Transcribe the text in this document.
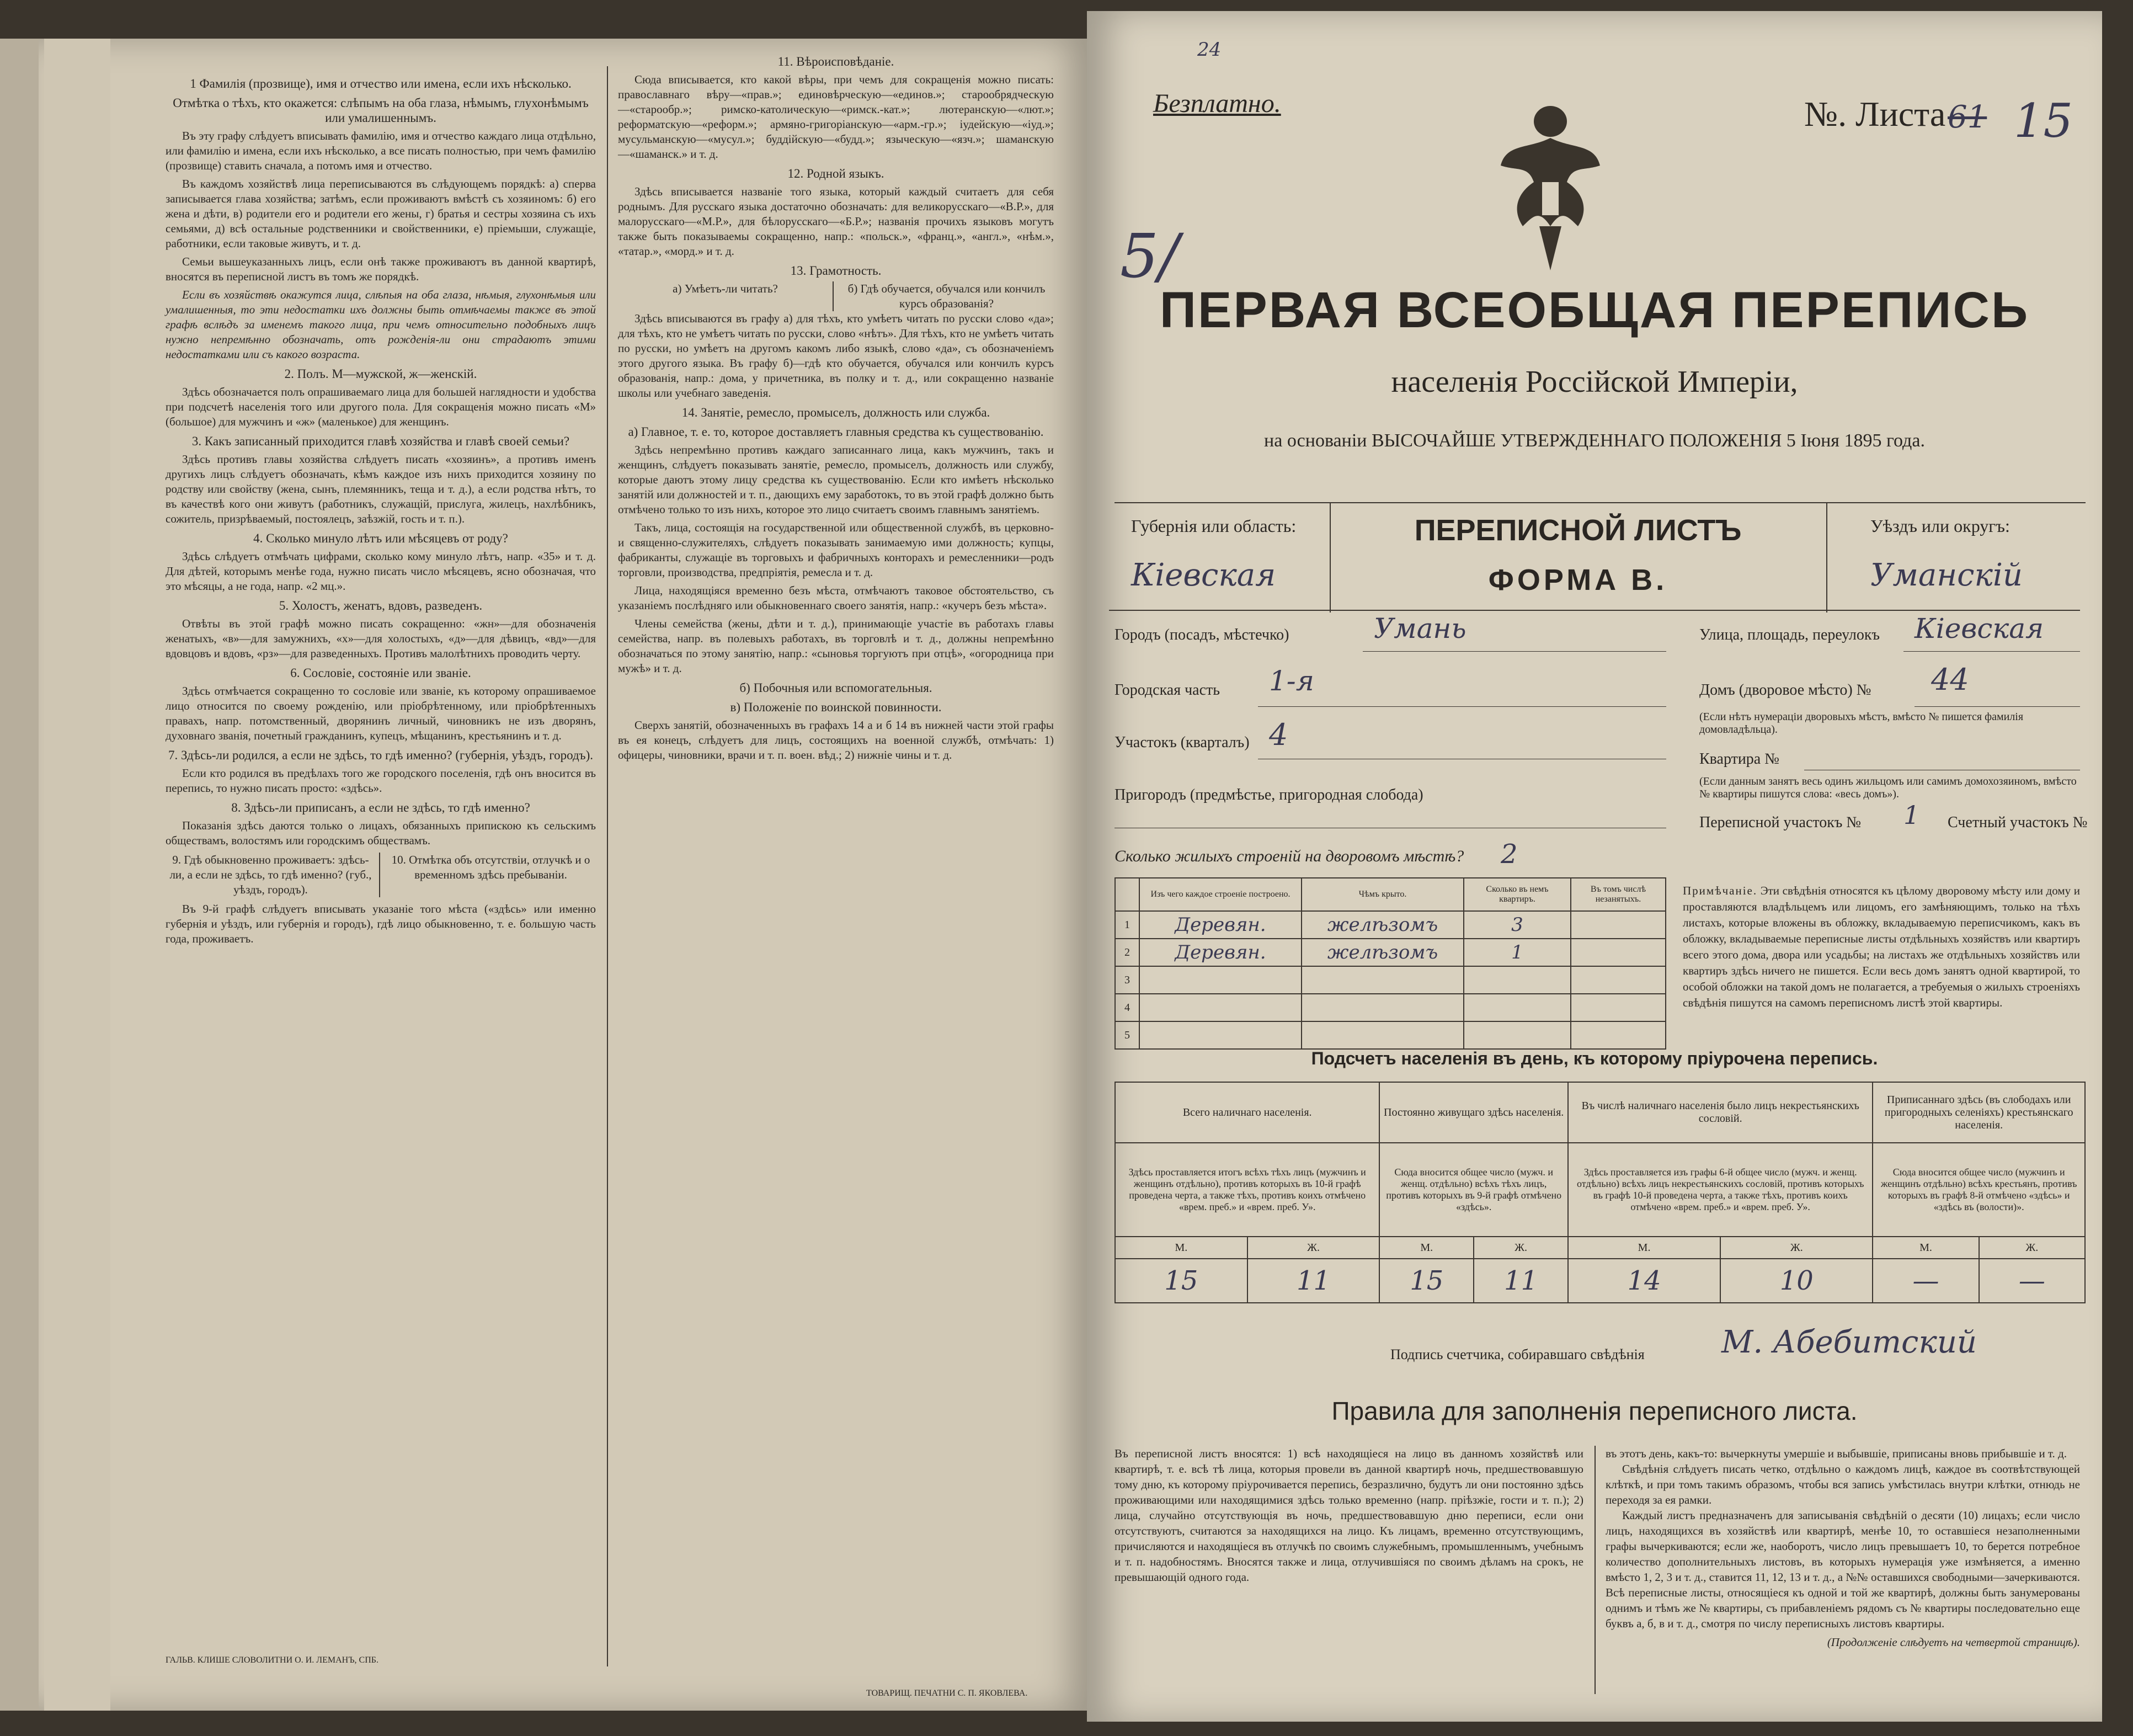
1 Фамилія (прозвище), имя и отчество или имена, если ихъ нѣсколько.
Отмѣтка о тѣхъ, кто окажется: слѣпымъ на оба глаза, нѣмымъ, глухонѣмымъ или умалишеннымъ.

Въ эту графу слѣдуетъ вписывать фамилію, имя и отчество каждаго лица отдѣльно, или фамилію и имена, если ихъ нѣсколько, а все писать полностью, при чемъ фамилію (прозвище) ставить сначала, а потомъ имя и отчество.

Въ каждомъ хозяйствѣ лица переписываются въ слѣдующемъ порядкѣ: а) сперва записывается глава хозяйства; затѣмъ, если проживаютъ вмѣстѣ съ хозяиномъ: б) его жена и дѣти, в) родители его и родители его жены, г) братья и сестры хозяина съ ихъ семьями, д) всѣ остальные родственники и свойственники, е) пріемыши, служащіе, работники, если таковые живутъ, и т. д.

Семьи вышеуказанныхъ лицъ, если онѣ также проживаютъ въ данной квартирѣ, вносятся въ переписной листъ въ томъ же порядкѣ.

Если въ хозяйствѣ окажутся лица, слѣпыя на оба глаза, нѣмыя, глухонѣмыя или умалишенныя, то эти недостатки ихъ должны быть отмѣчаемы также въ этой графѣ вслѣдъ за именемъ такого лица, при чемъ относительно подобныхъ лицъ нужно непремѣнно обозначать, отъ рожденія-ли они страдаютъ этими недостатками или съ какого возраста.

2. Полъ. М—мужской, ж—женскій.

Здѣсь обозначается полъ опрашиваемаго лица для большей наглядности и удобства при подсчетѣ населенія того или другого пола. Для сокращенія можно писать «М» (большое) для мужчинъ и «ж» (маленькое) для женщинъ.

3. Какъ записанный приходится главѣ хозяйства и главѣ своей семьи?

Здѣсь противъ главы хозяйства слѣдуетъ писать «хозяинъ», а противъ именъ другихъ лицъ слѣдуетъ обозначать, кѣмъ каждое изъ нихъ приходится хозяину по родству или свойству (жена, сынъ, племянникъ, теща и т. д.), а если родства нѣтъ, то въ качествѣ кого они живутъ (работникъ, служащій, прислуга, жилецъ, нахлѣбникъ, сожитель, призрѣваемый, постоялецъ, заѣзжій, гость и т. п.).

4. Сколько минуло лѣтъ или мѣсяцевъ от роду?

Здѣсь слѣдуетъ отмѣчать цифрами, сколько кому минуло лѣтъ, напр. «35» и т. д. Для дѣтей, которымъ менѣе года, нужно писать число мѣсяцевъ, ясно обозначая, что это мѣсяцы, а не года, напр. «2 мц.».

5. Холостъ, женатъ, вдовъ, разведенъ.

Отвѣты въ этой графѣ можно писать сокращенно: «жн»—для обозначенія женатыхъ, «в»—для замужнихъ, «х»—для холостыхъ, «д»—для дѣвицъ, «вд»—для вдовцовъ и вдовъ, «рз»—для разведенныхъ. Противъ малолѣтнихъ проводить черту.

6. Сословіе, состояніе или званіе.

Здѣсь отмѣчается сокращенно то сословіе или званіе, къ которому опрашиваемое лицо относится по своему рожденію, или пріобрѣтенному, или пріобрѣтенныхъ правахъ, напр. потомственный, дворянинъ личный, чиновникъ не изъ дворянъ, духовнаго званія, почетный гражданинъ, купецъ, мѣщанинъ, крестьянинъ и т. д.

7. Здѣсь-ли родился, а если не здѣсь, то гдѣ именно? (губернія, уѣздъ, городъ).

Если кто родился въ предѣлахъ того же городского поселенія, гдѣ онъ вносится въ перепись, то нужно писать просто: «здѣсь».

8. Здѣсь-ли приписанъ, а если не здѣсь, то гдѣ именно?

Показанія здѣсь даются только о лицахъ, обязанныхъ припискою къ сельскимъ обществамъ, волостямъ или городскимъ обществамъ.

9. Гдѣ обыкновенно проживаетъ: здѣсь-ли, а если не здѣсь, то гдѣ именно? (губ., уѣздъ, городъ).
10. Отмѣтка объ отсутствіи, отлучкѣ и о временномъ здѣсь пребываніи.

Въ 9-й графѣ слѣдуетъ вписывать указаніе того мѣста («здѣсь» или именно губернія и уѣздъ, или губернія и городъ), гдѣ лицо обыкновенно, т. е. большую часть года, проживаетъ.

ГАЛЬВ. КЛИШЕ СЛОВОЛИТНИ О. И. ЛЕМАНЪ, СПБ.
11. Вѣроисповѣданіе.

Сюда вписывается, кто какой вѣры, при чемъ для сокращенія можно писать: православнаго вѣру—«прав.»; единовѣрческую—«единов.»; старообрядческую—«старообр.»; римско-католическую—«римск.-кат.»; лютеранскую—«лют.»; реформатскую—«реформ.»; армяно-григоріанскую—«арм.-гр.»; іудейскую—«іуд.»; мусульманскую—«мусул.»; буддійскую—«будд.»; языческую—«язч.»; шаманскую—«шаманск.» и т. д.

12. Родной языкъ.

Здѣсь вписывается названіе того языка, который каждый считаетъ для себя роднымъ. Для русскаго языка достаточно обозначать: для великорусскаго—«В.Р.», для малорусскаго—«М.Р.», для бѣлорусскаго—«Б.Р.»; названія прочихъ языковъ могутъ также быть показываемы сокращенно, напр.: «польск.», «франц.», «англ.», «нѣм.», «татар.», «морд.» и т. д.

13. Грамотность.
а) Умѣетъ-ли читать?	б) Гдѣ обучается, обучался или кончилъ курсъ образованія?

Здѣсь вписываются въ графу а) для тѣхъ, кто умѣетъ читать по русски слово «да»; для тѣхъ, кто не умѣетъ читать по русски, слово «нѣтъ». Для тѣхъ, кто не умѣетъ читать по русски, но умѣетъ на другомъ какомъ либо языкѣ, слово «да», съ обозначеніемъ этого другого языка. Въ графу б)—гдѣ кто обучается, обучался или кончилъ курсъ образованія, напр.: дома, у причетника, въ полку и т. д., или сокращенно названіе школы или учебнаго заведенія.

14. Занятіе, ремесло, промыселъ, должность или служба.
а) Главное, т. е. то, которое доставляетъ главныя средства къ существованію.

Здѣсь непремѣнно противъ каждаго записаннаго лица, какъ мужчинъ, такъ и женщинъ, слѣдуетъ показывать занятіе, ремесло, промыселъ, должность или службу, которые даютъ этому лицу средства къ существованію. Если кто имѣетъ нѣсколько занятій или должностей и т. п., дающихъ ему заработокъ, то въ этой графѣ должно быть отмѣчено только то изъ нихъ, которое это лицо считаетъ своимъ главнымъ занятіемъ.

Такъ, лица, состоящія на государственной или общественной службѣ, въ церковно- и священно-служителяхъ, слѣдуетъ показывать занимаемую ими должность; купцы, фабриканты, служащіе въ торговыхъ и фабричныхъ конторахъ и ремесленники—родъ торговли, производства, предпріятія, ремесла и т. д.

Лица, находящіяся временно безъ мѣста, отмѣчаютъ таковое обстоятельство, съ указаніемъ послѣдняго или обыкновеннаго своего занятія, напр.: «кучеръ безъ мѣста».

Члены семейства (жены, дѣти и т. д.), принимающіе участіе въ работахъ главы семейства, напр. въ полевыхъ работахъ, въ торговлѣ и т. д., должны непремѣнно обозначаться по этому занятію, напр.: «сыновья торгуютъ при отцѣ», «огородница при мужѣ» и т. д.

б) Побочныя или вспомогательныя.
в) Положеніе по воинской повинности.

Сверхъ занятій, обозначенныхъ въ графахъ 14 а и б 14 въ нижней части этой графы въ ея конецъ, слѣдуетъ для лицъ, состоящихъ на военной службѣ, отмѣчать: 1) офицеры, чиновники, врачи и т. п. воен. вѣд.; 2) нижніе чины и т. д.

ТОВАРИЩ. ПЕЧАТНИ С. П. ЯКОВЛЕВА.
24
Безплатно.	№. Листа 61 15
5/
ПЕРВАЯ ВСЕОБЩАЯ ПЕРЕПИСЬ
населенія Россійской Имперіи,
на основаніи ВЫСОЧАЙШЕ УТВЕРЖДЕННАГО ПОЛОЖЕНІЯ 5 Іюня 1895 года.
Губернія или область:
Кіевская
ПЕРЕПИСНОЙ ЛИСТЪ
ФОРМА В.
Уѣздъ или округъ:
Уманскій
Городъ (посадъ, мѣстечко)	Умань	Улица, площадь, переулокъ Кіевская
Городская часть 1-я	Домъ (дворовое мѣсто) № 44
(Если нѣтъ нумераціи дворовыхъ мѣстъ, вмѣсто № пишется фамилія домовладѣльца).
Участокъ (кварталъ) 4
Квартира №
(Если данным занятъ весь одинъ жильцомъ или самимъ домохозяиномъ, вмѣсто № квартиры пишутся слова: «весь домъ»).
Пригородъ (предмѣстье, пригородная слобода)
Переписной участокъ № 1 Счетный участокъ №
Сколько жилыхъ строеній на дворовомъ мѣстѣ? 2
	Изъ чего каждое строеніе построено.	Чѣмъ крыто.	Сколько въ немъ квартиръ.	Въ томъ числѣ незанятыхъ.
1	Деревян.	желѣзомъ	3	
2	Деревян.	желѣзомъ	1	
3				
4				
5				
Примѣчаніе. Эти свѣдѣнія относятся къ цѣлому дворовому мѣсту или дому и проставляются владѣльцемъ или лицомъ, его замѣняющимъ, только на тѣхъ листахъ, которые вложены въ обложку, вкладываемую переписчикомъ, какъ въ обложку, вкладываемые переписные листы отдѣльныхъ хозяйствъ или квартиръ всего этого дома, двора или усадьбы; на листахъ же отдѣльныхъ хозяйствъ или квартиръ здѣсь ничего не пишется. Если весь домъ занятъ одной квартирой, то особой обложки на такой домъ не полагается, а требуемыя о жилыхъ строеніяхъ свѣдѣнія пишутся на самомъ переписномъ листѣ этой квартиры.
Подсчетъ населенія въ день, къ которому пріурочена перепись.
Всего наличнаго населенія.		Постоянно живущаго здѣсь населенія.		Въ числѣ наличнаго населенія было лицъ некрестьянскихъ сословій.		Приписаннаго здѣсь (въ слободахъ или пригородныхъ селеніяхъ) крестьянскаго населенія.	
Здѣсь проставляется итогъ всѣхъ тѣхъ лицъ (мужчинъ и женщинъ отдѣльно), противъ которыхъ въ 10-й графѣ проведена черта, а также тѣхъ, противъ коихъ отмѣчено «врем. преб.» и «врем. преб. У».		Сюда вносится общее число (мужч. и женщ. отдѣльно) всѣхъ тѣхъ лицъ, противъ которыхъ въ 9-й графѣ отмѣчено «здѣсь».		Здѣсь проставляется изъ графы 6-й общее число (мужч. и женщ. отдѣльно) всѣхъ лицъ некрестьянскихъ сословій, противъ которыхъ въ графѣ 10-й проведена черта, а также тѣхъ, противъ коихъ отмѣчено «врем. преб.» и «врем. преб. У».		Сюда вносится общее число (мужчинъ и женщинъ отдѣльно) всѣхъ крестьянъ, противъ которыхъ въ графѣ 8-й отмѣчено «здѣсь» и «здѣсь въ (волости)».	
М.	Ж.	М.	Ж.	М.	Ж.	М.	Ж.
15	11	15	11	14	10	—	—
Подпись счетчика, собиравшаго свѣдѣнія М. Абебитский
Правила для заполненія переписного листа.
Въ переписной листъ вносятся: 1) всѣ находящіеся на лицо въ данномъ хозяйствѣ или квартирѣ, т. е. всѣ тѣ лица, которыя провели въ данной квартирѣ ночь, предшествовавшую тому дню, къ которому пріурочивается перепись, безразлично, будутъ ли они постоянно здѣсь проживающими или находящимися здѣсь только временно (напр. пріѣзжіе, гости и т. п.); 2) лица, случайно отсутствующія въ ночь, предшествовавшую дню переписи, если они отсутствуютъ, считаются за находящихся на лицо. Къ лицамъ, временно отсутствующимъ, причисляются и находящіеся въ отлучкѣ по своимъ служебнымъ, промышленнымъ, учебнымъ и т. п. надобностямъ. Вносятся также и лица, отлучившіяся по своимъ дѣламъ на срокъ, не превышающій одного года.
въ этотъ день, какъ-то: вычеркнуты умершіе и выбывшіе, приписаны вновь прибывшіе и т. д.
Свѣдѣнія слѣдуетъ писать четко, отдѣльно о каждомъ лицѣ, каждое въ соотвѣтствующей клѣткѣ, и при томъ такимъ образомъ, чтобы вся запись умѣстилась внутри клѣтки, отнюдь не переходя за ея рамки.
Каждый листъ предназначенъ для записыванія свѣдѣній о десяти (10) лицахъ; если число лицъ, находящихся въ хозяйствѣ или квартирѣ, менѣе 10, то оставшіеся незаполненными графы вычеркиваются; если же, наоборотъ, число лицъ превышаетъ 10, то берется потребное количество дополнительныхъ листовъ, въ которыхъ нумерація уже измѣняется, а именно вмѣсто 1, 2, 3 и т. д., ставится 11, 12, 13 и т. д., а №№ оставшихся свободными—зачеркиваются. Всѣ переписные листы, относящіеся къ одной и той же квартирѣ, должны быть занумерованы однимъ и тѣмъ же № квартиры, съ прибавленіемъ рядомъ съ № квартиры последовательно еще буквъ а, б, в и т. д., смотря по числу переписныхъ листовъ квартиры.
(Продолженіе слѣдуетъ на четвертой страницѣ).
